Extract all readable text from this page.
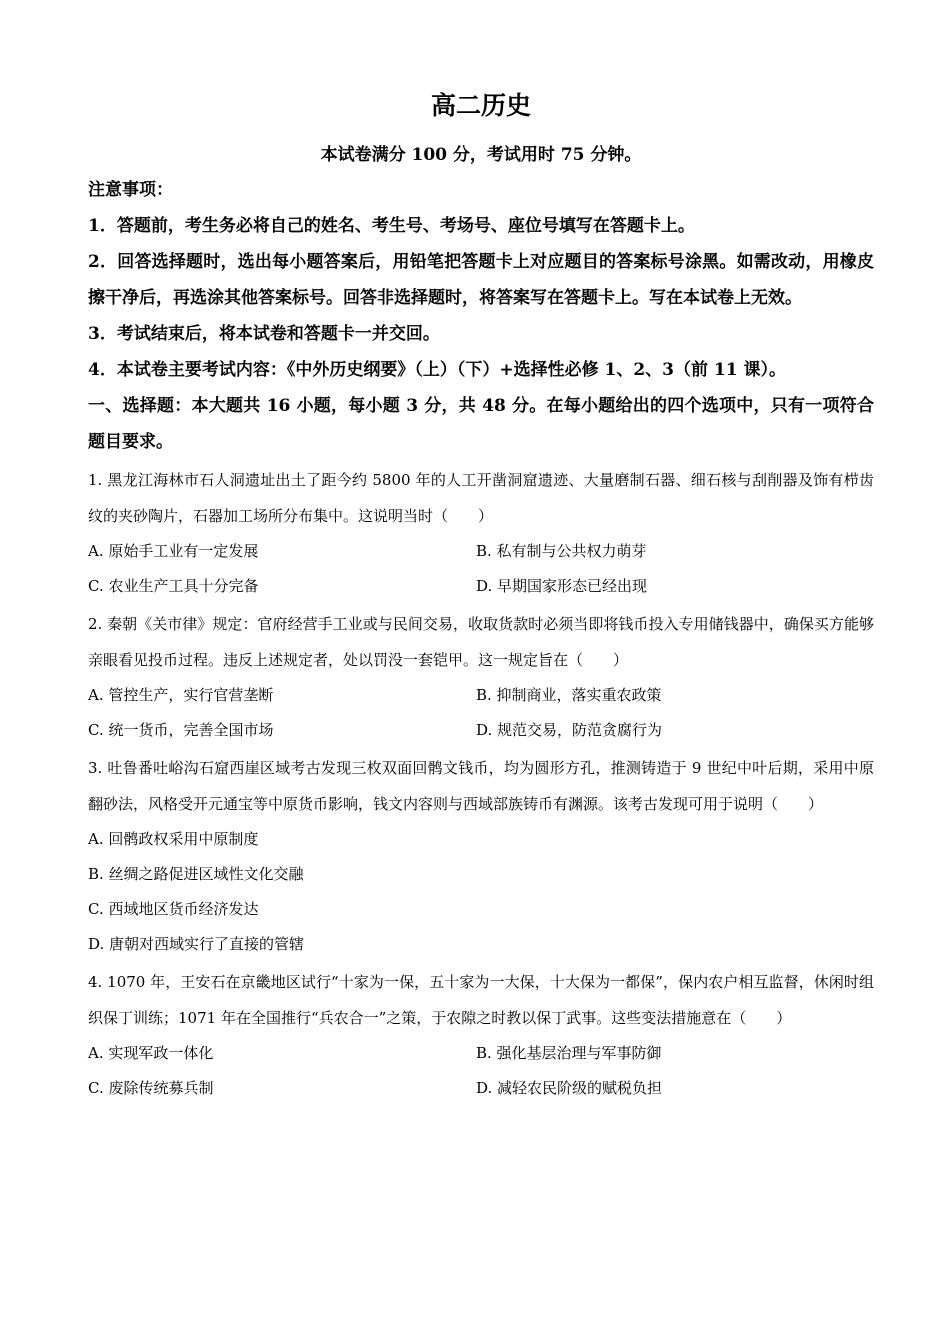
高二历史
本试卷满分 100 分，考试用时 75 分钟。
注意事项：
1．答题前，考生务必将自己的姓名、考生号、考场号、座位号填写在答题卡上。
2．回答选择题时，选出每小题答案后，用铅笔把答题卡上对应题目的答案标号涂黑。如需改动，用橡皮擦干净后，再选涂其他答案标号。回答非选择题时，将答案写在答题卡上。写在本试卷上无效。
3．考试结束后，将本试卷和答题卡一并交回。
4．本试卷主要考试内容：《中外历史纲要》（上）（下）+选择性必修 1、2、3（前 11 课）。
一、选择题：本大题共 16 小题，每小题 3 分，共 48 分。在每小题给出的四个选项中，只有一项符合题目要求。
1. 黑龙江海林市石人洞遗址出土了距今约 5800 年的人工开凿洞窟遗迹、大量磨制石器、细石核与刮削器及饰有栉齿纹的夹砂陶片，石器加工场所分布集中。这说明当时（　　）
A. 原始手工业有一定发展	B. 私有制与公共权力萌芽
C. 农业生产工具十分完备	D. 早期国家形态已经出现
2. 秦朝《关市律》规定：官府经营手工业或与民间交易，收取货款时必须当即将钱币投入专用储钱器中，确保买方能够亲眼看见投币过程。违反上述规定者，处以罚没一套铠甲。这一规定旨在（　　）
A. 管控生产，实行官营垄断	B. 抑制商业，落实重农政策
C. 统一货币，完善全国市场	D. 规范交易，防范贪腐行为
3. 吐鲁番吐峪沟石窟西崖区域考古发现三枚双面回鹘文钱币，均为圆形方孔，推测铸造于 9 世纪中叶后期，采用中原翻砂法，风格受开元通宝等中原货币影响，钱文内容则与西域部族铸币有渊源。该考古发现可用于说明（　　）
A. 回鹘政权采用中原制度
B. 丝绸之路促进区域性文化交融
C. 西域地区货币经济发达
D. 唐朝对西域实行了直接的管辖
4. 1070 年，王安石在京畿地区试行“十家为一保，五十家为一大保，十大保为一都保”，保内农户相互监督，休闲时组织保丁训练；1071 年在全国推行“兵农合一”之策，于农隙之时教以保丁武事。这些变法措施意在（　　）
A. 实现军政一体化	B. 强化基层治理与军事防御
C. 废除传统募兵制	D. 减轻农民阶级的赋税负担
